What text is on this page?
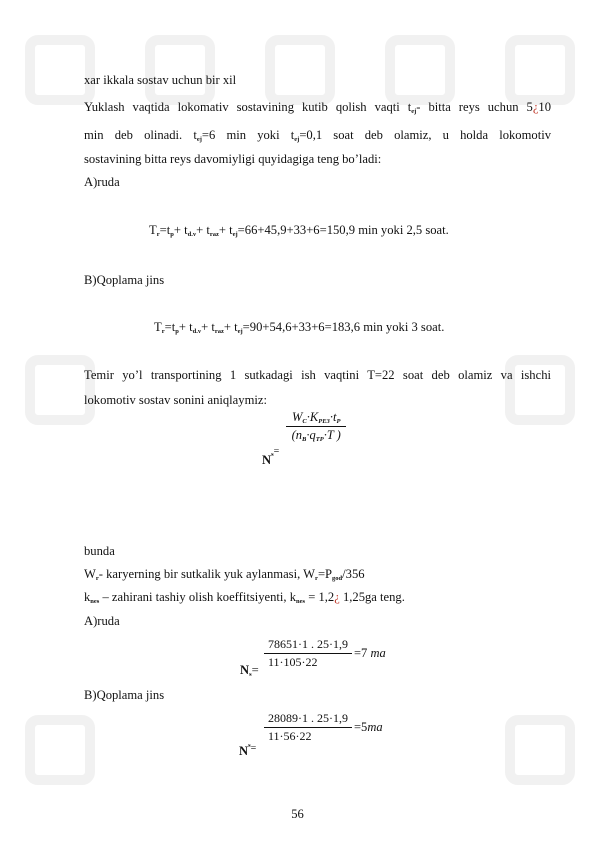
xar ikkala sostav uchun bir xil
Yuklash vaqtida lokomativ sostavining kutib qolish vaqti $t_{ej}-$ bitta reys uchun 5¿10
min deb olinadi. $t_{ej}=6$ min yoki $t_{ej}=0,1$ soat deb olamiz, u holda lokomotiv
sostavining bitta reys davomiyligi quyidagiga teng bo’ladi:
A)ruda
$T_r=t_p+ t_{d.v}+ t_{raz}+ t_{ej}=66+45,9+33+6=150,9$ min yoki 2,5 soat.
B)Qoplama jins
$T_r=t_p+ t_{d.v}+ t_{raz}+ t_{ej}=90+54,6+33+6=183,6$ min yoki 3 soat.
Temir yo’l transportining 1 sutkadagi ish vaqtini T=22 soat deb olamiz va ishchi
lokomotiv sostav sonini aniqlaymiz:
$N_s^=$
$W_C\cdot K_{PEЗ}\cdot t_P$
($n_B\cdot q_{TP}\cdot T$ )
bunda
$W_r-$ karyerning bir sutkalik yuk aylanmasi, $W_r=P_{god}/356$
$k_{nes}$ – zahirani tashiy olish koeffitsiyenti, $k_{nes}$ = 1,2¿ 1,25ga teng.
A)ruda
$N_s= \frac{78651\cdot 1 . 25\cdot 1,9}{11\cdot 105\cdot 22} =7$ ma
B)Qoplama jins
$N_s^=$
$\frac{28089\cdot 1 . 25\cdot 1,9}{11\cdot 56\cdot 22} =5ma$
56
